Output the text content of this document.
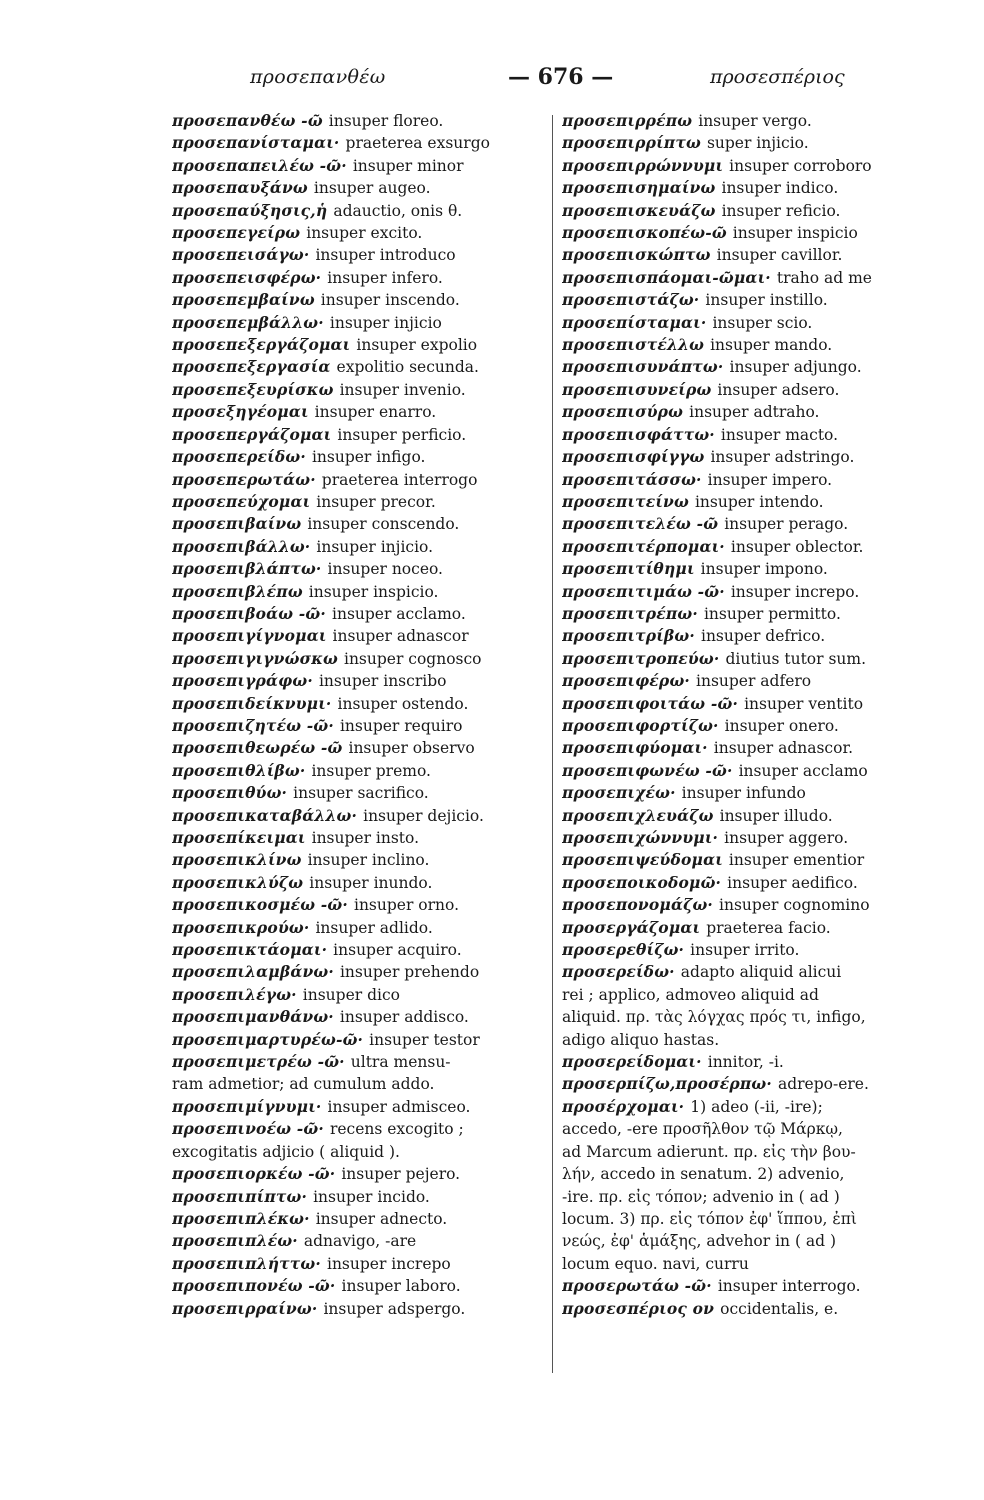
προσεπανθέω	— 676 —	προσεσπέριος
προσεπανθέω -ῶ insuper floreo.
προσεπανίσταμαι· praeterea exsurgo
προσεπαπειλέω -ῶ· insuper minor
προσεπαυξάνω insuper augeo.
προσεπαύξησις,ἡ adauctio, onis θ.
προσεπεγείρω insuper excito.
προσεπεισάγω· insuper introduco
προσεπεισφέρω· insuper infero.
προσεπεμβαίνω insuper inscendo.
προσεπεμβάλλω· insuper injicio
προσεπεξεργάζομαι insuper expolio
προσεπεξεργασία expolitio secunda.
προσεπεξευρίσκω insuper invenio.
προσεξηγέομαι insuper enarro.
προσεπεργάζομαι insuper perficio.
προσεπερείδω· insuper infigo.
προσεπερωτάω· praeterea interrogo
προσεπεύχομαι insuper precor.
προσεπιβαίνω insuper conscendo.
προσεπιβάλλω· insuper injicio.
προσεπιβλάπτω· insuper noceo.
προσεπιβλέπω insuper inspicio.
προσεπιβοάω -ῶ· insuper acclamo.
προσεπιγίγνομαι insuper adnascor
προσεπιγιγνώσκω insuper cognosco
προσεπιγράφω· insuper inscribo
προσεπιδείκνυμι· insuper ostendo.
προσεπιζητέω -ῶ· insuper requiro
προσεπιθεωρέω -ῶ insuper observo
προσεπιθλίβω· insuper premo.
προσεπιθύω· insuper sacrifico.
προσεπικαταβάλλω· insuper dejicio.
προσεπίκειμαι insuper insto.
προσεπικλίνω insuper inclino.
προσεπικλύζω insuper inundo.
προσεπικοσμέω -ῶ· insuper orno.
προσεπικρούω· insuper adlido.
προσεπικτάομαι· insuper acquiro.
προσεπιλαμβάνω· insuper prehendo
προσεπιλέγω· insuper dico
προσεπιμανθάνω· insuper addisco.
προσεπιμαρτυρέω-ῶ· insuper testor
προσεπιμετρέω -ῶ· ultra mensu-
ram admetior; ad cumulum addo.
προσεπιμίγνυμι· insuper admisceo.
προσεπινοέω -ῶ· recens excogito ;
excogitatis adjicio ( aliquid ).
προσεπιορκέω -ῶ· insuper pejero.
προσεπιπίπτω· insuper incido.
προσεπιπλέκω· insuper adnecto.
προσεπιπλέω· adnavigo, -are
προσεπιπλήττω· insuper increpo
προσεπιπονέω -ῶ· insuper laboro.
προσεπιρραίνω· insuper adspergo.
προσεπιρρέπω insuper vergo.
προσεπιρρίπτω super injicio.
προσεπιρρώννυμι insuper corroboro
προσεπισημαίνω insuper indico.
προσεπισκευάζω insuper reficio.
προσεπισκοπέω-ῶ insuper inspicio
προσεπισκώπτω insuper cavillor.
προσεπισπάομαι-ῶμαι· traho ad me
προσεπιστάζω· insuper instillo.
προσεπίσταμαι· insuper scio.
προσεπιστέλλω insuper mando.
προσεπισυνάπτω· insuper adjungo.
προσεπισυνείρω insuper adsero.
προσεπισύρω insuper adtraho.
προσεπισφάττω· insuper macto.
προσεπισφίγγω insuper adstringo.
προσεπιτάσσω· insuper impero.
προσεπιτείνω insuper intendo.
προσεπιτελέω -ῶ insuper perago.
προσεπιτέρπομαι· insuper oblector.
προσεπιτίθημι insuper impono.
προσεπιτιμάω -ῶ· insuper increpo.
προσεπιτρέπω· insuper permitto.
προσεπιτρίβω· insuper defrico.
προσεπιτροπεύω· diutius tutor sum.
προσεπιφέρω· insuper adfero
προσεπιφοιτάω -ῶ· insuper ventito
προσεπιφορτίζω· insuper onero.
προσεπιφύομαι· insuper adnascor.
προσεπιφωνέω -ῶ· insuper acclamo
προσεπιχέω· insuper infundo
προσεπιχλευάζω insuper illudo.
προσεπιχώννυμι· insuper aggero.
προσεπιψεύδομαι insuper ementior
προσεποικοδομῶ· insuper aedifico.
προσεπονομάζω· insuper cognomino
προσεργάζομαι praeterea facio.
προσερεθίζω· insuper irrito.
προσερείδω· adapto aliquid alicui
rei ; applico, admoveo aliquid ad
aliquid. πρ. τὰς λόγχας πρός τι, infigo,
adigo aliquo hastas.
προσερείδομαι· innitor, -i.
προσερπίζω,προσέρπω· adrepo-ere.
προσέρχομαι· 1) adeo (-ii, -ire);
accedo, -ere προσῆλθον τῷ Μάρκῳ,
ad Marcum adierunt. πρ. εἰς τὴν βου-
λήν, accedo in senatum. 2) advenio,
-ire. πρ. εἰς τόπον; advenio in ( ad )
locum. 3) πρ. εἰς τόπον ἐφ' ἵππου, ἐπὶ
νεώς, ἐφ' ἁμάξης, advehor in ( ad )
locum equo. navi, curru
προσερωτάω -ῶ· insuper interrogo.
προσεσπέριος ον occidentalis, e.
